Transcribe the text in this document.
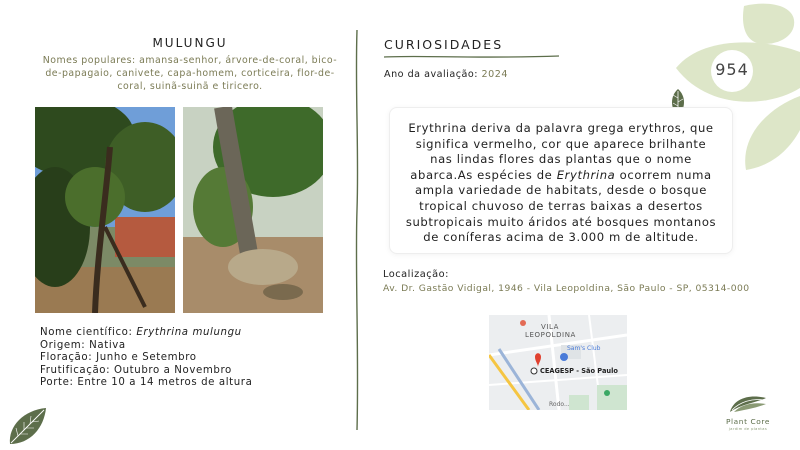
954
MULUNGU
Nomes populares: amansa-senhor, árvore-de-coral, bico-de-papagaio, canivete, capa-homem, corticeira, flor-de-coral, suinã-suinã e tiricero.
Nome científico: Erythrina mulungu
Origem: Nativa
Floração: Junho e Setembro
Frutificação: Outubro a Novembro
Porte: Entre 10 a 14 metros de altura
CURIOSIDADES
Ano da avaliação: 2024

Erythrina deriva da palavra grega erythros, que significa vermelho, cor que aparece brilhante nas lindas flores das plantas que o nome abarca.As espécies de Erythrina ocorrem numa ampla variedade de habitats, desde o bosque tropical chuvoso de terras baixas a desertos subtropicais muito áridos até bosques montanos de coníferas acima de 3.000 m de altitude.

Localização:
Av. Dr. Gastão Vidigal, 1946 - Vila Leopoldina, São Paulo - SP, 05314-000
VILA LEOPOLDINA
Sam's Club
CEAGESP - São Paulo
Rodo...
Plant Core
jardim de plantas
